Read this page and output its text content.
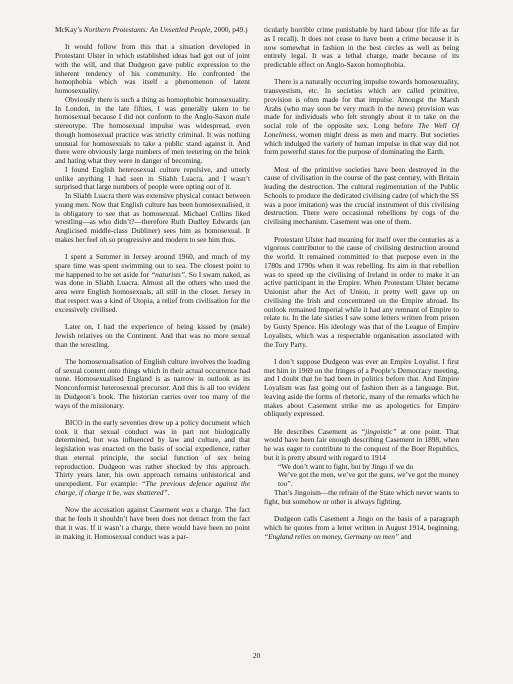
McKay’s Northern Protestants: An Unsettled People, 2000, p49.)

It would follow from this that a situation developed in Protestant Ulster in which established ideas had got out of joint with the will, and that Dudgeon gave public expression to the inherent tendency of his community. He confronted the homophobia which was itself a phenomenon of latent homosexuality.

Obviously there is such a thing as homophobic homosexuality. In London, in the late fifties, I was generally taken to be homosexual because I did not conform to the Anglo-Saxon male stereotype. The homosexual impulse was widespread, even though homosexual practice was strictly criminal. It was nothing unusual for homosexuals to take a public stand against it. And there were obviously large numbers of men teetering on the brink and hating what they were in danger of becoming.

I found English heterosexual culture repulsive, and utterly unlike anything I had seen in Sliabh Luacra, and I wasn’t surprised that large numbers of people were opting out of it.

In Sliabh Luacra there was extensive physical contact between young men. Now that English culture has been homosexualised, it is obligatory to see that as homosexual. Michael Collins liked wrestling—as who didn’t?—therefore Ruth Dudley Edwards (an Anglicised middle-class Dubliner) sees him as homosexual. It makes her feel oh so progressive and modern to see him thus.

I spent a Summer in Jersey around 1960, and much of my spare time was spent swimming out to sea. The closest point to me happened to be set aside for “naturists”. So I swam naked, as was done in Sliabh Luacra. Almost all the others who used the area were English homosexuals, all still in the closet. Jersey in that respect was a kind of Utopia, a relief from civilisation for the excessively civilised.

Later on, I had the experience of being kissed by (male) Jewish relatives on the Continent. And that was no more sexual than the wrestling.

The homosexualisation of English culture involves the loading of sexual content onto things which in their actual occurrence had none. Homosexualised England is as narrow in outlook as its Nonconformist heterosexual precursor. And this is all too evident in Dudgeon’s book. The historian carries over too many of the ways of the missionary.

BICO in the early seventies drew up a policy document which took it that sexual conduct was in part not biologically determined, but was influenced by law and culture, and that legislation was enacted on the basis of social expedience, rather than eternal principle, the social function of sex being reproduction. Dudgeon was rather shocked by this approach. Thirty years later, his own approach remains unhistorical and unexpedient. For example: “The previous defence against the charge, if charge it be, was shattered”.

Now the accusation against Casement was a charge. The fact that he feels it shouldn’t have been does not detract from the fact that it was. If it wasn’t a charge, there would have been no point in making it. Homosexual conduct was a par-

ticularly horrible crime punishable by hard labour (for life as far as I recall). It does not cease to have been a crime because it is now somewhat in fashion in the best circles as well as being entirely legal. It was a lethal charge, made because of its predictable effect on Anglo-Saxon homophobia.

There is a naturally occurring impulse towards homosexuality, transvestism, etc. In societies which are called primitive, provision is often made for that impulse. Amongst the Marsh Arabs (who may soon be very much in the news) provision was made for individuals who felt strongly about it to take on the social role of the opposite sex. Long before The Well Of Loneliness, women might dress as men and marry. But societies which indulged the variety of human impulse in that way did not form powerful states for the purpose of dominating the Earth.

Most of the primitive societies have been destroyed in the cause of civilisation in the course of the past century, with Britain leading the destruction. The cultural regimentation of the Public Schools to produce the dedicated civilising cadre (of which the SS was a poor imitation) was the crucial instrument of this civilising destruction. There were occasional rebellions by cogs of the civilising mechanism. Casement was one of them.

Protestant Ulster had meaning for itself over the centuries as a vigorous contributor to the cause of civilising destruction around the world. It remained committed to that purpose even in the 1780s and 1790s when it was rebelling. Its aim in that rebellion was to speed up the civilising of Ireland in order to make it an active participant in the Empire. When Protestant Ulster became Unionist after the Act of Union, it pretty well gave up on civilising the Irish and concentrated on the Empire abroad. Its outlook remained Imperial while it had any remnant of Empire to relate to. In the late sixties I saw some letters written from prison by Gusty Spence. His ideology was that of the League of Empire Loyalists, which was a respectable organisation associated with the Tory Party.

I don’t suppose Dudgeon was ever an Empire Loyalist. I first met him in 1969 on the fringes of a People’s Democracy meeting, and I doubt that he had been in politics before that. And Empire Loyalism was fast going out of fashion then as a language. But, leaving aside the forms of rhetoric, many of the remarks which he makes about Casement strike me as apologetics for Empire obliquely expressed.

He describes Casement as “jingoistic” at one point. That would have been fair enough describing Casement in 1898, when he was eager to contribute to the conquest of the Boer Republics, but it is pretty absurd with regard to 1914

“We don’t want to fight, but by Jingo if we do

We’ve got the men, we’ve got the guns, we’ve got the money too”.

That’s Jingoism—the refrain of the State which never wants to fight, but somehow or other is always fighting.

Dudgeon calls Casement a Jingo on the basis of a paragraph which he quotes from a letter written in August 1914, beginning, “England relies on money, Germany on men” and

20
